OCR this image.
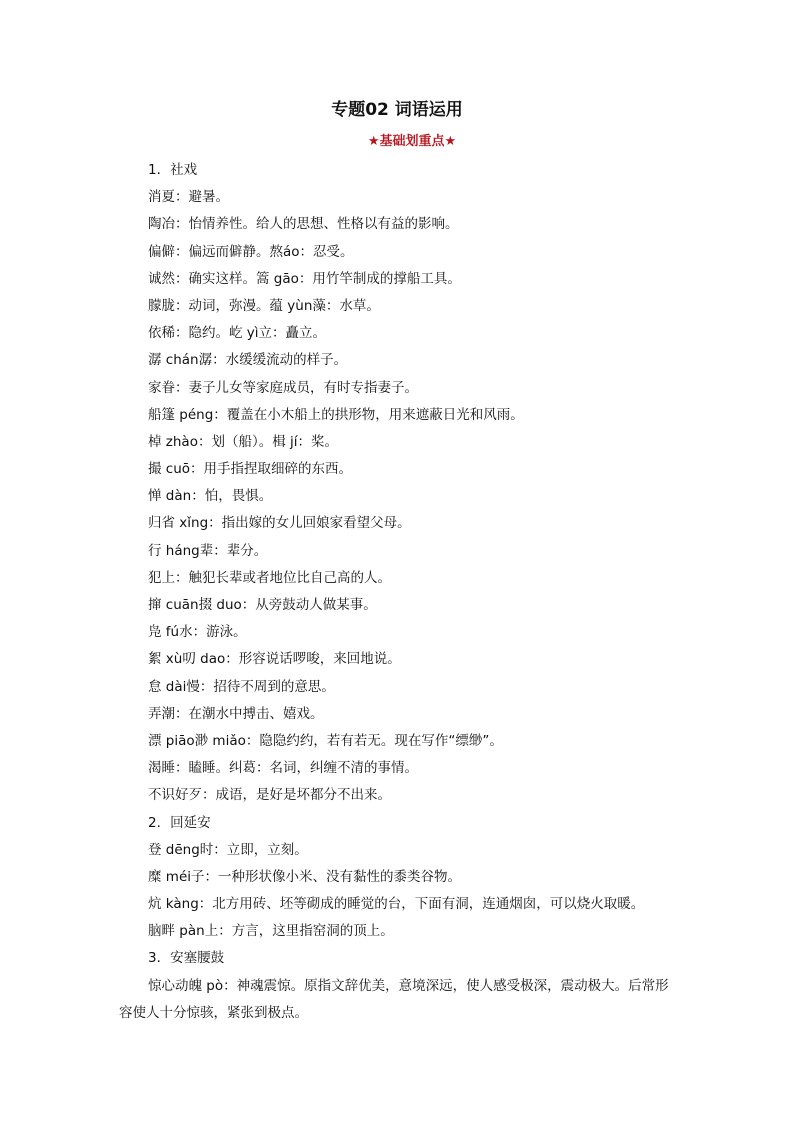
专题02 词语运用
★基础划重点★
1．社戏
消夏：避暑。
陶冶：怡情养性。给人的思想、性格以有益的影响。
偏僻：偏远而僻静。熬áo：忍受。
诚然：确实这样。篙 gāo：用竹竿制成的撑船工具。
朦胧：动词，弥漫。蕴 yùn藻：水草。
依稀：隐约。屹 yì立：矗立。
潺 chán潺：水缓缓流动的样子。
家眷：妻子儿女等家庭成员，有时专指妻子。
船篷 péng：覆盖在小木船上的拱形物，用来遮蔽日光和风雨。
棹 zhào：划（船）。楫 jí：桨。
撮 cuō：用手指捏取细碎的东西。
惮 dàn：怕，畏惧。
归省 xǐng：指出嫁的女儿回娘家看望父母。
行 háng辈：辈分。
犯上：触犯长辈或者地位比自己高的人。
撺 cuān掇 duo：从旁鼓动人做某事。
凫 fú水：游泳。
絮 xù叨 dao：形容说话啰唆，来回地说。
怠 dài慢：招待不周到的意思。
弄潮：在潮水中搏击、嬉戏。
漂 piāo渺 miǎo：隐隐约约，若有若无。现在写作“缥缈”。
渴睡：瞌睡。纠葛：名词，纠缠不清的事情。
不识好歹：成语，是好是坏都分不出来。
2．回延安
登 dēng时：立即，立刻。
糜 méi子：一种形状像小米、没有黏性的黍类谷物。
炕 kàng：北方用砖、坯等砌成的睡觉的台，下面有洞，连通烟囱，可以烧火取暖。
脑畔 pàn上：方言，这里指窑洞的顶上。
3．安塞腰鼓
惊心动魄 pò：神魂震惊。原指文辞优美，意境深远，使人感受极深，震动极大。后常形容使人十分惊骇，紧张到极点。
